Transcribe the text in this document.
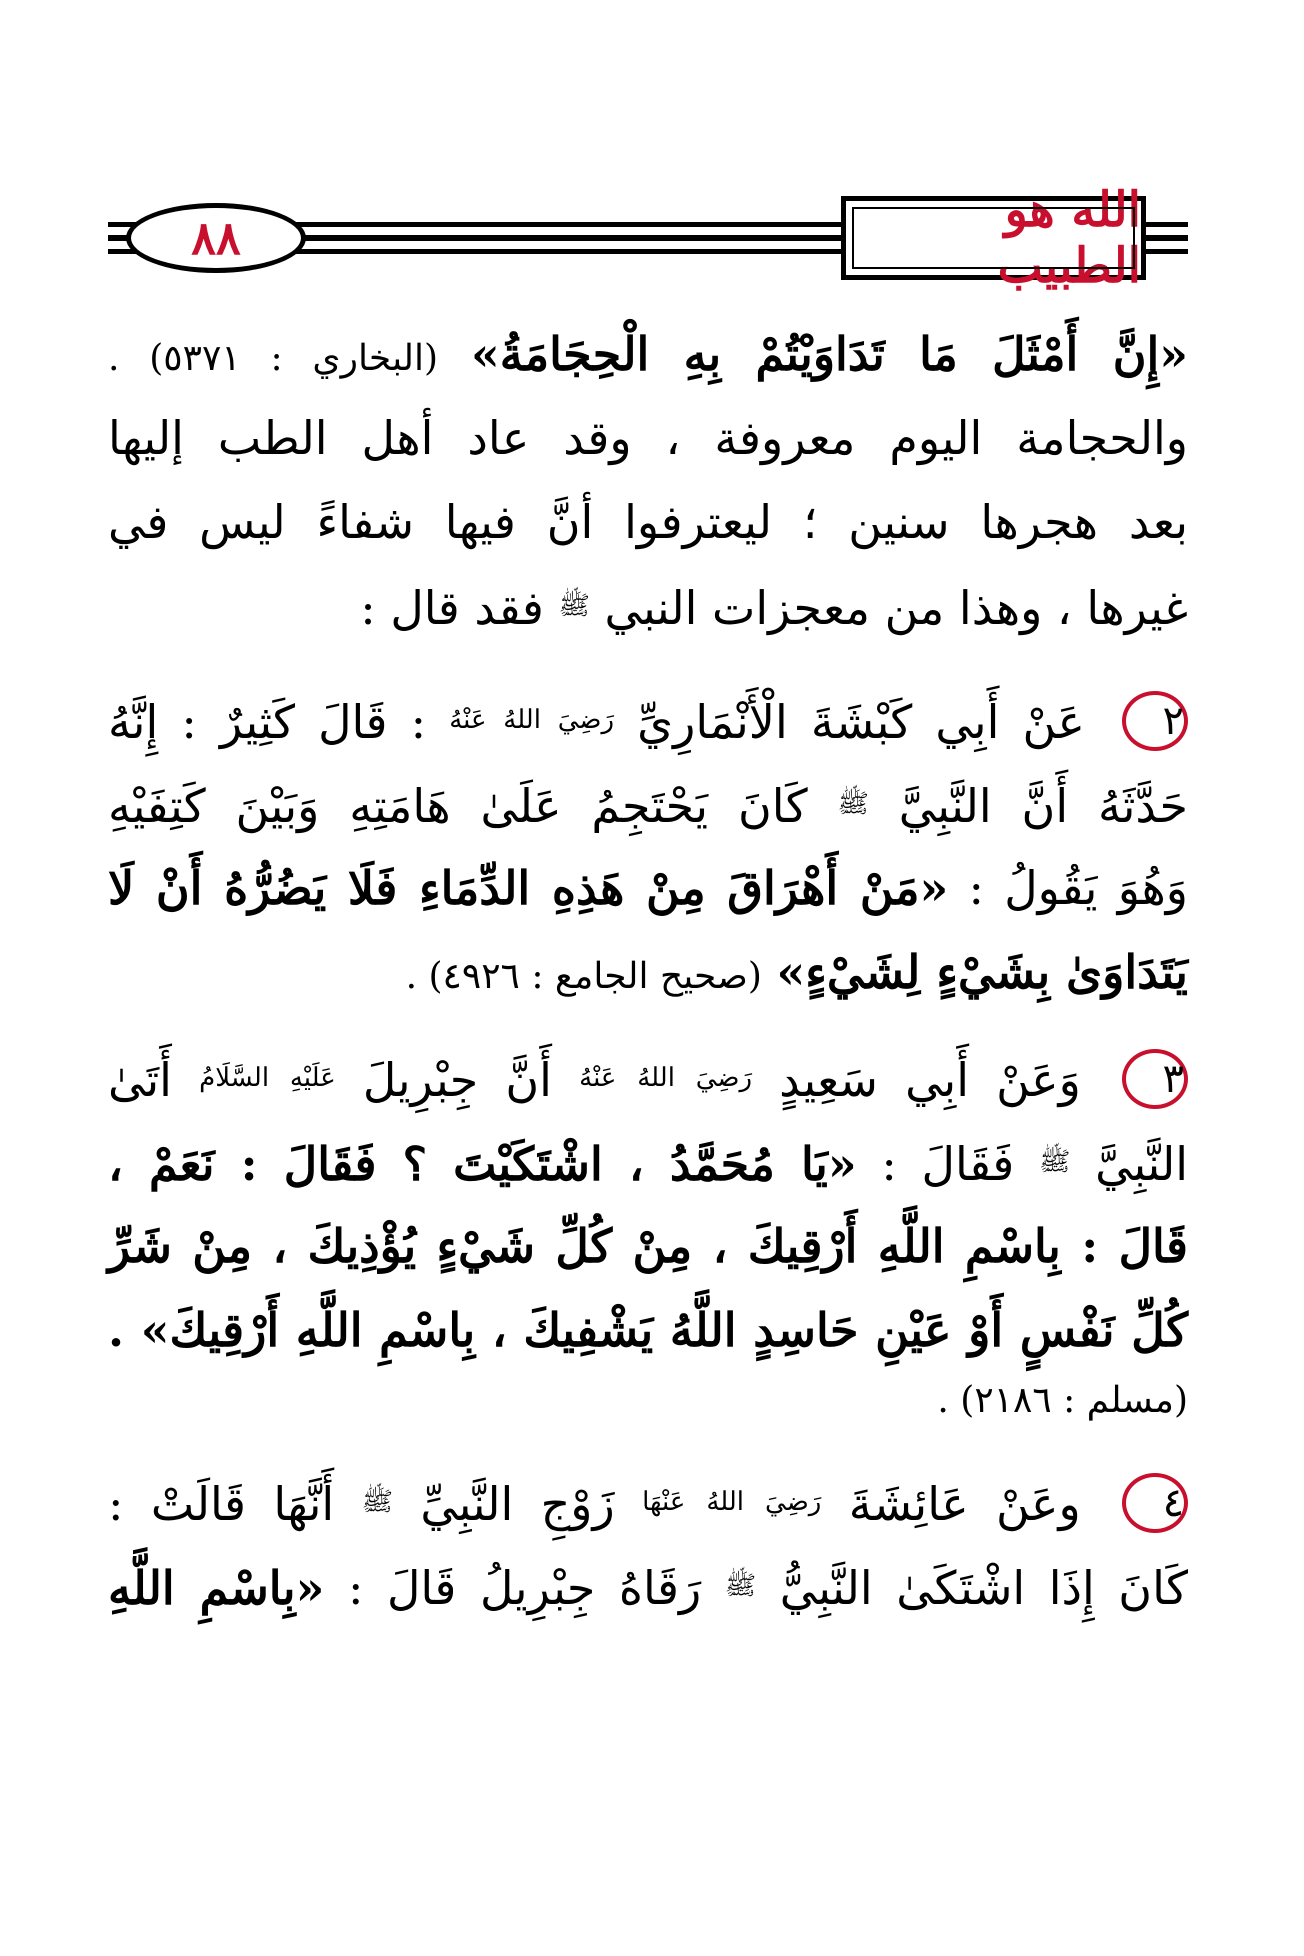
٨٨	الله هو الطبيب
«إِنَّ أَمْثَلَ مَا تَدَاوَيْتُمْ بِهِ الْحِجَامَةُ» (البخاري : ٥٣٧١) .
والحجامة اليوم معروفة ، وقد عاد أهل الطب إليها
بعد هجرها سنين ؛ ليعترفوا أنَّ فيها شفاءً ليس في
غيرها ، وهذا من معجزات النبي $^ﷺ$ فقد قال :
٢ عَنْ أَبِي كَبْشَةَ الْأَنْمَارِيِّ $^{رَضِيَ اللهُ عَنْهُ}$ : قَالَ كَثِيرٌ : إِنَّهُ
حَدَّثَهُ أَنَّ النَّبِيَّ $^ﷺ$ كَانَ يَحْتَجِمُ عَلَىٰ هَامَتِهِ وَبَيْنَ كَتِفَيْهِ
وَهُوَ يَقُولُ : «مَنْ أَهْرَاقَ مِنْ هَذِهِ الدِّمَاءِ فَلَا يَضُرُّهُ أَنْ لَا
يَتَدَاوَىٰ بِشَيْءٍ لِشَيْءٍ» (صحيح الجامع : ٤٩٢٦) .
٣ وَعَنْ أَبِي سَعِيدٍ $^{رَضِيَ اللهُ عَنْهُ}$ أَنَّ جِبْرِيلَ $^{عَلَيْهِ السَّلَامُ}$ أَتَىٰ
النَّبِيَّ $^ﷺ$ فَقَالَ : «يَا مُحَمَّدُ ، اشْتَكَيْتَ ؟ فَقَالَ : نَعَمْ ،
قَالَ : بِاسْمِ اللَّهِ أَرْقِيكَ ، مِنْ كُلِّ شَيْءٍ يُؤْذِيكَ ، مِنْ شَرِّ
كُلِّ نَفْسٍ أَوْ عَيْنِ حَاسِدٍ اللَّهُ يَشْفِيكَ ، بِاسْمِ اللَّهِ أَرْقِيكَ» .
(مسلم : ٢١٨٦) .
٤ وعَنْ عَائِشَةَ $^{رَضِيَ اللهُ عَنْهَا}$ زَوْجِ النَّبِيِّ $^ﷺ$ أَنَّهَا قَالَتْ :
كَانَ إِذَا اشْتَكَىٰ النَّبِيُّ $^ﷺ$ رَقَاهُ جِبْرِيلُ قَالَ : «بِاسْمِ اللَّهِ
